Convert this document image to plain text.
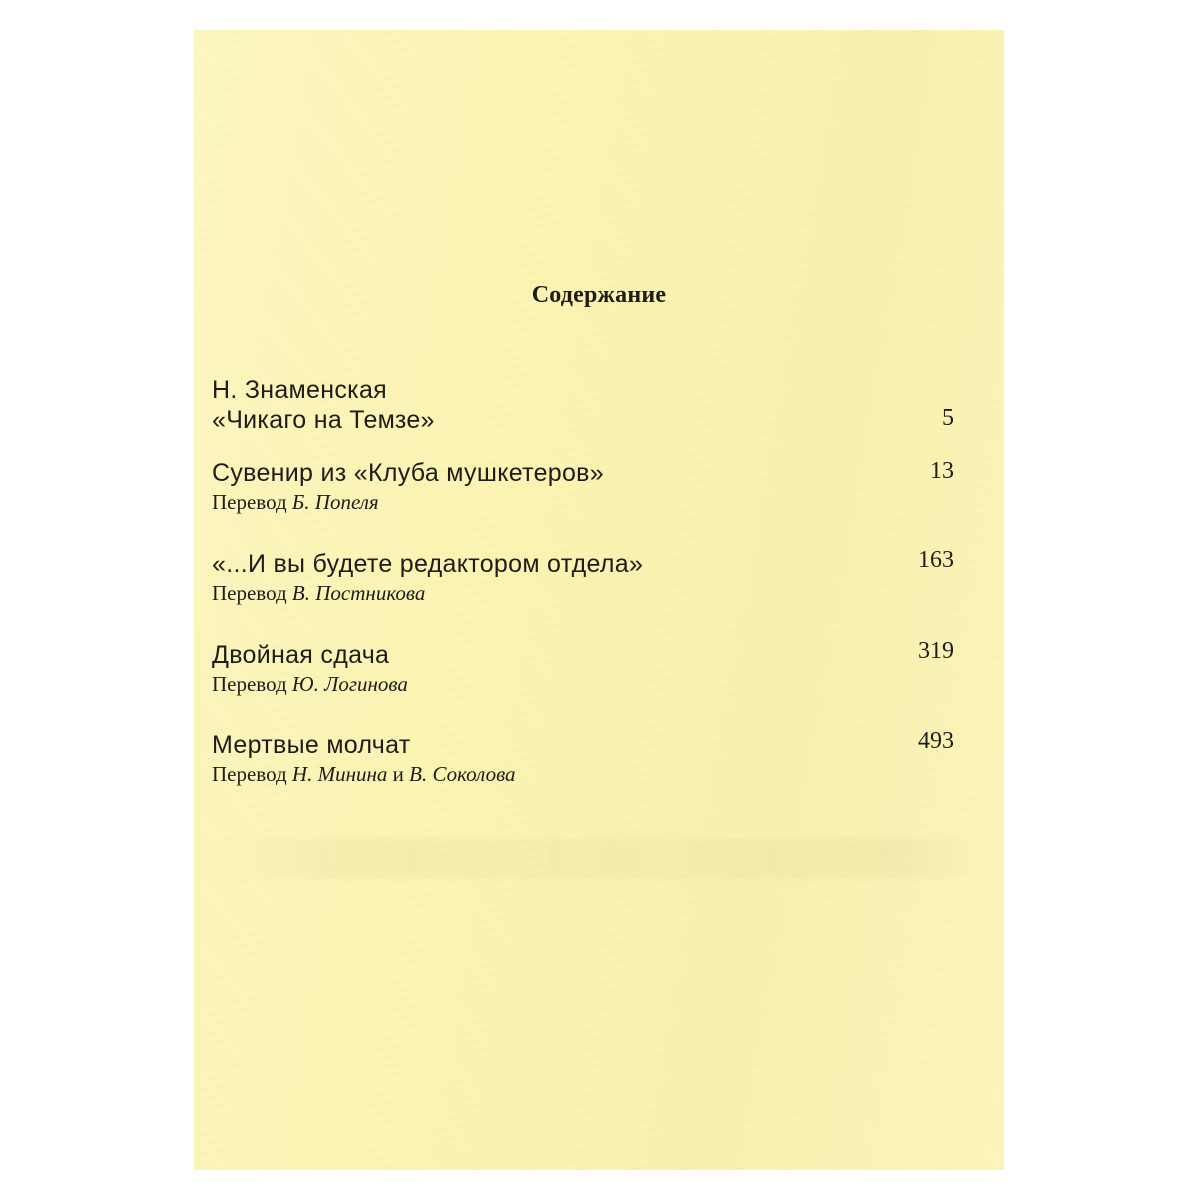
Содержание
Н. Знаменская
«Чикаго на Темзе»	5
Сувенир из «Клуба мушкетеров»
Перевод Б. Попеля
13
«...И вы будете редактором отдела»
Перевод В. Постникова
163
Двойная сдача
Перевод Ю. Логинова
319
Мертвые молчат
Перевод Н. Минина и В. Соколова
493
